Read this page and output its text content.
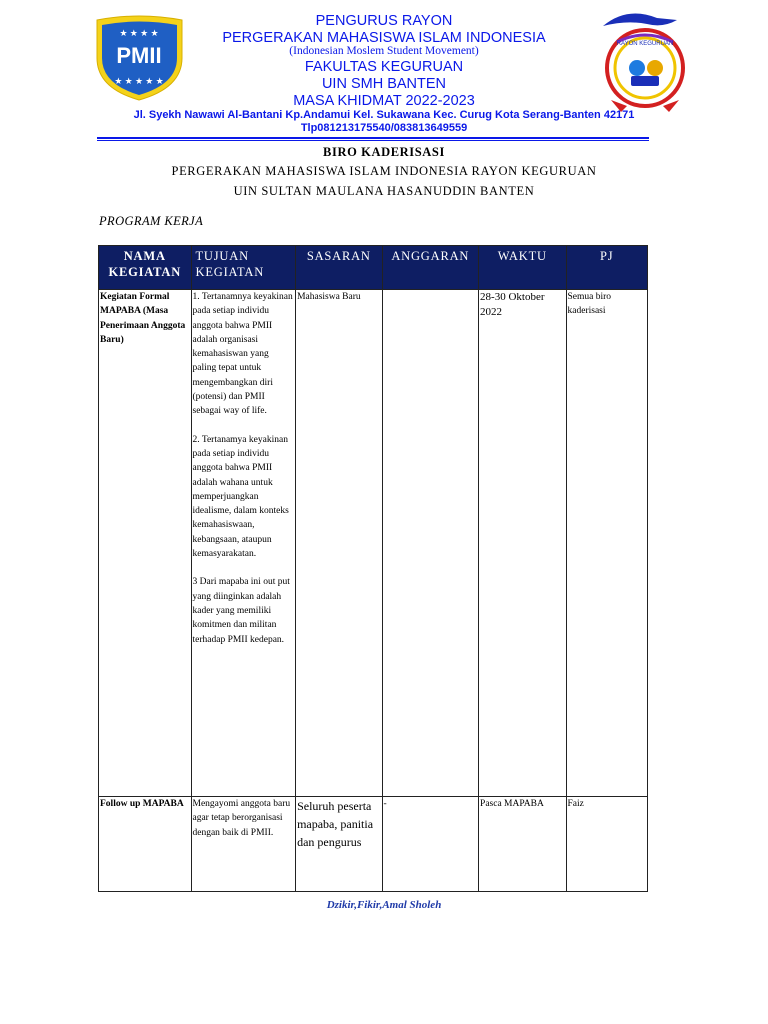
PMII
★ ★ ★ ★
★ ★ ★ ★ ★
RAYON KEGURUAN
PENGURUS RAYON
PERGERAKAN MAHASISWA ISLAM INDONESIA
(Indonesian Moslem Student Movement)
FAKULTAS KEGURUAN
UIN SMH BANTEN
MASA KHIDMAT 2022-2023
Jl. Syekh Nawawi Al-Bantani Kp.Andamui Kel. Sukawana Kec. Curug Kota Serang-Banten 42171
Tlp081213175540/083813649559
BIRO KADERISASI
PERGERAKAN MAHASISWA ISLAM INDONESIA RAYON KEGURUAN
UIN SULTAN MAULANA HASANUDDIN BANTEN
PROGRAM KERJA
NAMA KEGIATAN	TUJUAN KEGIATAN	SASARAN	ANGGARAN	WAKTU	PJ
Kegiatan Formal MAPABA (Masa Penerimaan Anggota Baru)	1. Tertanamnya keyakinan pada setiap individu anggota bahwa PMII adalah organisasi kemahasiswan yang paling tepat untuk mengembangkan diri (potensi) dan PMII sebagai way of life.

2. Tertanamya keyakinan pada setiap individu anggota bahwa PMII adalah wahana untuk memperjuangkan idealisme, dalam konteks kemahasiswaan, kebangsaan, ataupun kemasyarakatan.

3 Dari mapaba ini out put yang diinginkan adalah kader yang memiliki komitmen dan militan terhadap PMII kedepan.	Mahasiswa Baru		28-30 Oktober 2022	Semua biro kaderisasi
Follow up MAPABA	Mengayomi anggota baru agar tetap berorganisasi dengan baik di PMII.	Seluruh peserta mapaba, panitia dan pengurus	-	Pasca MAPABA	Faiz
Dzikir,Fikir,Amal Sholeh
